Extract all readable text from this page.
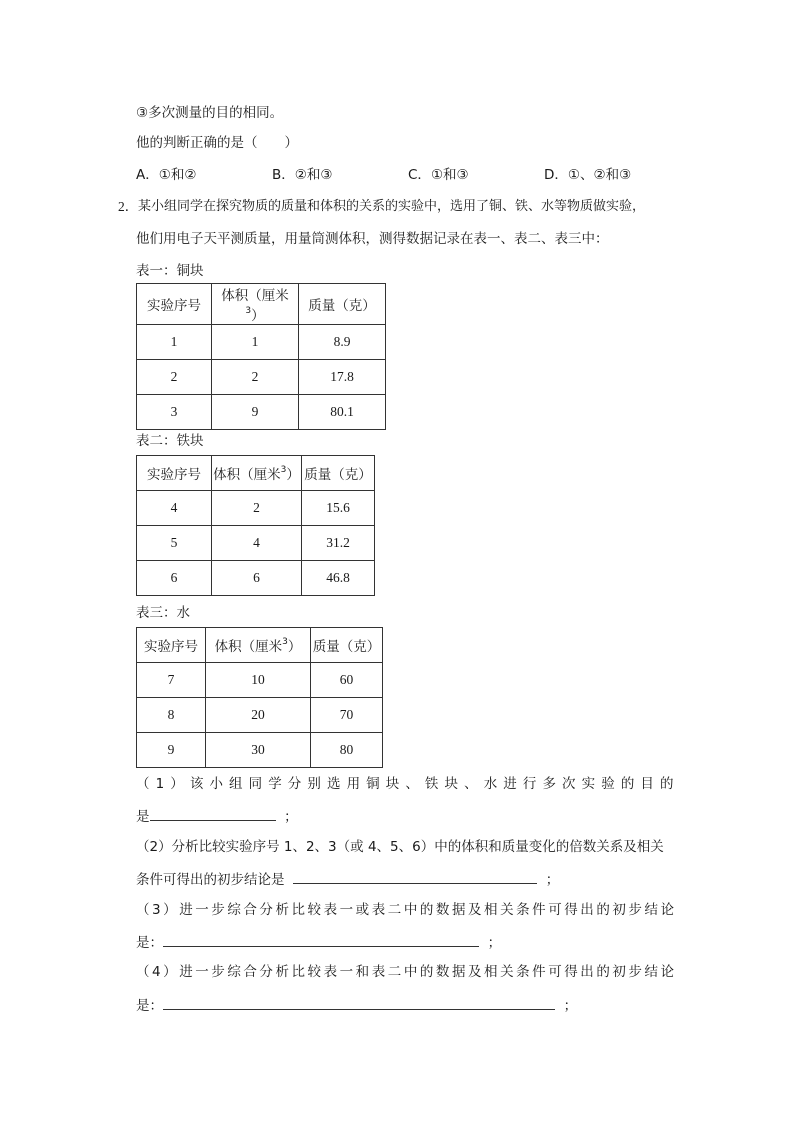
③多次测量的目的相同。
他的判断正确的是（　　）
A．①和②	B．②和③	C．①和③	D．①、②和③
2． 某小组同学在探究物质的质量和体积的关系的实验中，选用了铜、铁、水等物质做实验，
他们用电子天平测质量，用量筒测体积，测得数据记录在表一、表二、表三中：
表一：铜块
实验序号	体积（厘米$^3$）	质量（克）
1	1	8.9
2	2	17.8
3	9	80.1
表二：铁块
实验序号	体积（厘米$^3$）	质量（克）
4	2	15.6
5	4	31.2
6	6	46.8
表三：水
实验序号	体积（厘米$^3$）	质量（克）
7	10	60
8	20	70
9	30	80
（1）该小组同学分别选用铜块、铁块、水进行多次实验的目的
是	；
（2）分析比较实验序号 1、2、3（或 4、5、6）中的体积和质量变化的倍数关系及相关
条件可得出的初步结论是	；
（3）进一步综合分析比较表一或表二中的数据及相关条件可得出的初步结论
是：	；
（4）进一步综合分析比较表一和表二中的数据及相关条件可得出的初步结论
是：	；
